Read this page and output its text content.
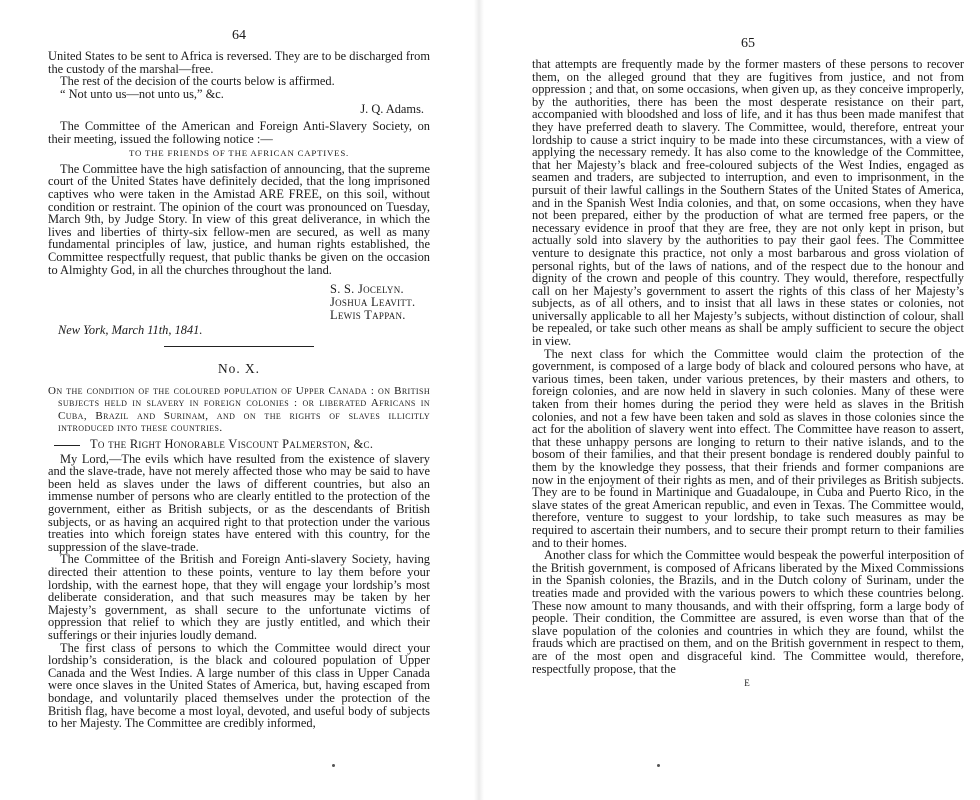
64

United States to be sent to Africa is reversed. They are to be discharged from the custody of the marshal—free.

The rest of the decision of the courts below is affirmed.

“ Not unto us—not unto us,” &c.

J. Q. Adams.

The Committee of the American and Foreign Anti-Slavery Society, on their meeting, issued the following notice :—

TO THE FRIENDS OF THE AFRICAN CAPTIVES.

The Committee have the high satisfaction of announcing, that the supreme court of the United States have definitely decided, that the long imprisoned captives who were taken in the Amistad ARE FREE, on this soil, without condition or restraint. The opinion of the court was pronounced on Tuesday, March 9th, by Judge Story. In view of this great deliverance, in which the lives and liberties of thirty-six fellow-men are secured, as well as many fundamental principles of law, justice, and human rights established, the Committee respectfully request, that public thanks be given on the occasion to Almighty God, in all the churches throughout the land.

S. S. Jocelyn.

Joshua Leavitt.

Lewis Tappan.

New York, March 11th, 1841.

No. X.

On the condition of the coloured population of Upper Canada : on British subjects held in slavery in foreign colonies : or liberated Africans in Cuba, Brazil and Surinam, and on the rights of slaves illicitly introduced into these countries.

To the Right Honorable Viscount Palmerston, &c.

My Lord,—The evils which have resulted from the existence of slavery and the slave-trade, have not merely affected those who may be said to have been held as slaves under the laws of different countries, but also an immense number of persons who are clearly entitled to the protection of the government, either as British subjects, or as the descendants of British subjects, or as having an acquired right to that protection under the various treaties into which foreign states have entered with this country, for the suppression of the slave-trade.

The Committee of the British and Foreign Anti-slavery Society, having directed their attention to these points, venture to lay them before your lordship, with the earnest hope, that they will engage your lordship’s most deliberate consideration, and that such measures may be taken by her Majesty’s government, as shall secure to the unfortunate victims of oppression that relief to which they are justly entitled, and which their sufferings or their injuries loudly demand.

The first class of persons to which the Committee would direct your lordship’s consideration, is the black and coloured population of Upper Canada and the West Indies. A large number of this class in Upper Canada were once slaves in the United States of America, but, having escaped from bondage, and voluntarily placed themselves under the protection of the British flag, have become a most loyal, devoted, and useful body of subjects to her Majesty. The Committee are credibly informed,

65

that attempts are frequently made by the former masters of these persons to recover them, on the alleged ground that they are fugitives from justice, and not from oppression ; and that, on some occasions, when given up, as they conceive improperly, by the authorities, there has been the most desperate resistance on their part, accompanied with bloodshed and loss of life, and it has thus been made manifest that they have preferred death to slavery. The Committee, would, therefore, entreat your lordship to cause a strict inquiry to be made into these circumstances, with a view of applying the necessary remedy. It has also come to the knowledge of the Committee, that her Majesty’s black and free-coloured subjects of the West Indies, engaged as seamen and traders, are subjected to interruption, and even to imprisonment, in the pursuit of their lawful callings in the Southern States of the United States of America, and in the Spanish West India colonies, and that, on some occasions, when they have not been prepared, either by the production of what are termed free papers, or the necessary evidence in proof that they are free, they are not only kept in prison, but actually sold into slavery by the authorities to pay their gaol fees. The Committee venture to designate this practice, not only a most barbarous and gross violation of personal rights, but of the laws of nations, and of the respect due to the honour and dignity of the crown and people of this country. They would, therefore, respectfully call on her Majesty’s government to assert the rights of this class of her Majesty’s subjects, as of all others, and to insist that all laws in these states or colonies, not universally applicable to all her Majesty’s subjects, without distinction of colour, shall be repealed, or take such other means as shall be amply sufficient to secure the object in view.

The next class for which the Committee would claim the protection of the government, is composed of a large body of black and coloured persons who have, at various times, been taken, under various pretences, by their masters and others, to foreign colonies, and are now held in slavery in such colonies. Many of these were taken from their homes during the period they were held as slaves in the British colonies, and not a few have been taken and sold as slaves in those colonies since the act for the abolition of slavery went into effect. The Committee have reason to assert, that these unhappy persons are longing to return to their native islands, and to the bosom of their families, and that their present bondage is rendered doubly painful to them by the knowledge they possess, that their friends and former companions are now in the enjoyment of their rights as men, and of their privileges as British subjects. They are to be found in Martinique and Guadaloupe, in Cuba and Puerto Rico, in the slave states of the great American republic, and even in Texas. The Committee would, therefore, venture to suggest to your lordship, to take such measures as may be required to ascertain their numbers, and to secure their prompt return to their families and to their homes.

Another class for which the Committee would bespeak the powerful interposition of the British government, is composed of Africans liberated by the Mixed Commissions in the Spanish colonies, the Brazils, and in the Dutch colony of Surinam, under the treaties made and provided with the various powers to which these countries belong. These now amount to many thousands, and with their offspring, form a large body of people. Their condition, the Committee are assured, is even worse than that of the slave population of the colonies and countries in which they are found, whilst the frauds which are practised on them, and on the British government in respect to them, are of the most open and disgraceful kind. The Committee would, therefore, respectfully propose, that the

E
